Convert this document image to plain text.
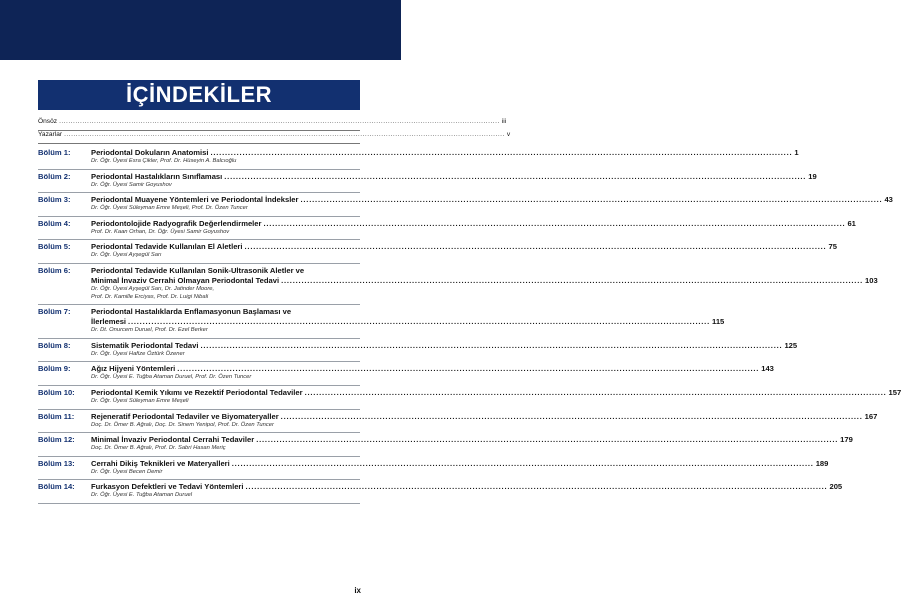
İÇİNDEKİLER
Önsöz ............................................................................................................................................................................................. iii
Yazarlar ............................................................................................................................................................................................. v
Bölüm 1:	Periodontal Dokuların Anatomisi ........................................................................................................................................................................................................ 1
Dr. Öğr. Üyesi Esra Çikler, Prof. Dr. Hüseyin A. Balcıoğlu
Bölüm 2:	Periodontal Hastalıkların Sınıflaması ........................................................................................................................................................................................................ 19
Dr. Öğr. Üyesi Samir Goyushov
Bölüm 3:	Periodontal Muayene Yöntemleri ve Periodontal İndeksler ........................................................................................................................................................................................................ 43
Dr. Öğr. Üyesi Süleyman Emre Meşeli, Prof. Dr. Özen Tuncer
Bölüm 4:	Periodontolojide Radyografik Değerlendirmeler ........................................................................................................................................................................................................ 61
Prof. Dr. Kaan Orhan, Dr. Öğr. Üyesi Samir Goyushov
Bölüm 5:	Periodontal Tedavide Kullanılan El Aletleri ........................................................................................................................................................................................................ 75
Dr. Öğr. Üyesi Ayşegül Sarı
Bölüm 6:	Periodontal Tedavide Kullanılan Sonik-Ultrasonik Aletler ve
Minimal İnvaziv Cerrahi Olmayan Periodontal Tedavi ........................................................................................................................................................................................................ 103
Dr. Öğr. Üyesi Ayşegül Sarı, Dr. Jatinder Moore,
Prof. Dr. Kamille Erciyas, Prof. Dr. Luigi Nibali
Bölüm 7:	Periodontal Hastalıklarda Enflamasyonun Başlaması ve
İlerlemesi ........................................................................................................................................................................................................ 115
Dr. Dt. Onurcem Duruel, Prof. Dr. Ezel Berker
Bölüm 8:	Sistematik Periodontal Tedavi ........................................................................................................................................................................................................ 125
Dr. Öğr. Üyesi Hafize Öztürk Özener
Bölüm 9:	Ağız Hijyeni Yöntemleri ........................................................................................................................................................................................................ 143
Dr. Öğr. Üyesi E. Tuğba Ataman Duruel, Prof. Dr. Özen Tuncer
Bölüm 10:	Periodontal Kemik Yıkımı ve Rezektif Periodontal Tedaviler ........................................................................................................................................................................................................ 157
Dr. Öğr. Üyesi Süleyman Emre Meşeli
Bölüm 11:	Rejeneratif Periodontal Tedaviler ve Biyomateryaller ........................................................................................................................................................................................................ 167
Doç. Dr. Ömer B. Ağralı, Doç. Dr. Sinem Yenipol, Prof. Dr. Özen Tuncer
Bölüm 12:	Minimal İnvaziv Periodontal Cerrahi Tedaviler ........................................................................................................................................................................................................ 179
Doç. Dr. Ömer B. Ağralı, Prof. Dr. Sabri Hasan Meriç
Bölüm 13:	Cerrahi Dikiş Teknikleri ve Materyalleri ........................................................................................................................................................................................................ 189
Dr. Öğr. Üyesi Becen Demir
Bölüm 14:	Furkasyon Defektleri ve Tedavi Yöntemleri ........................................................................................................................................................................................................ 205
Dr. Öğr. Üyesi E. Tuğba Ataman Duruel
ix
